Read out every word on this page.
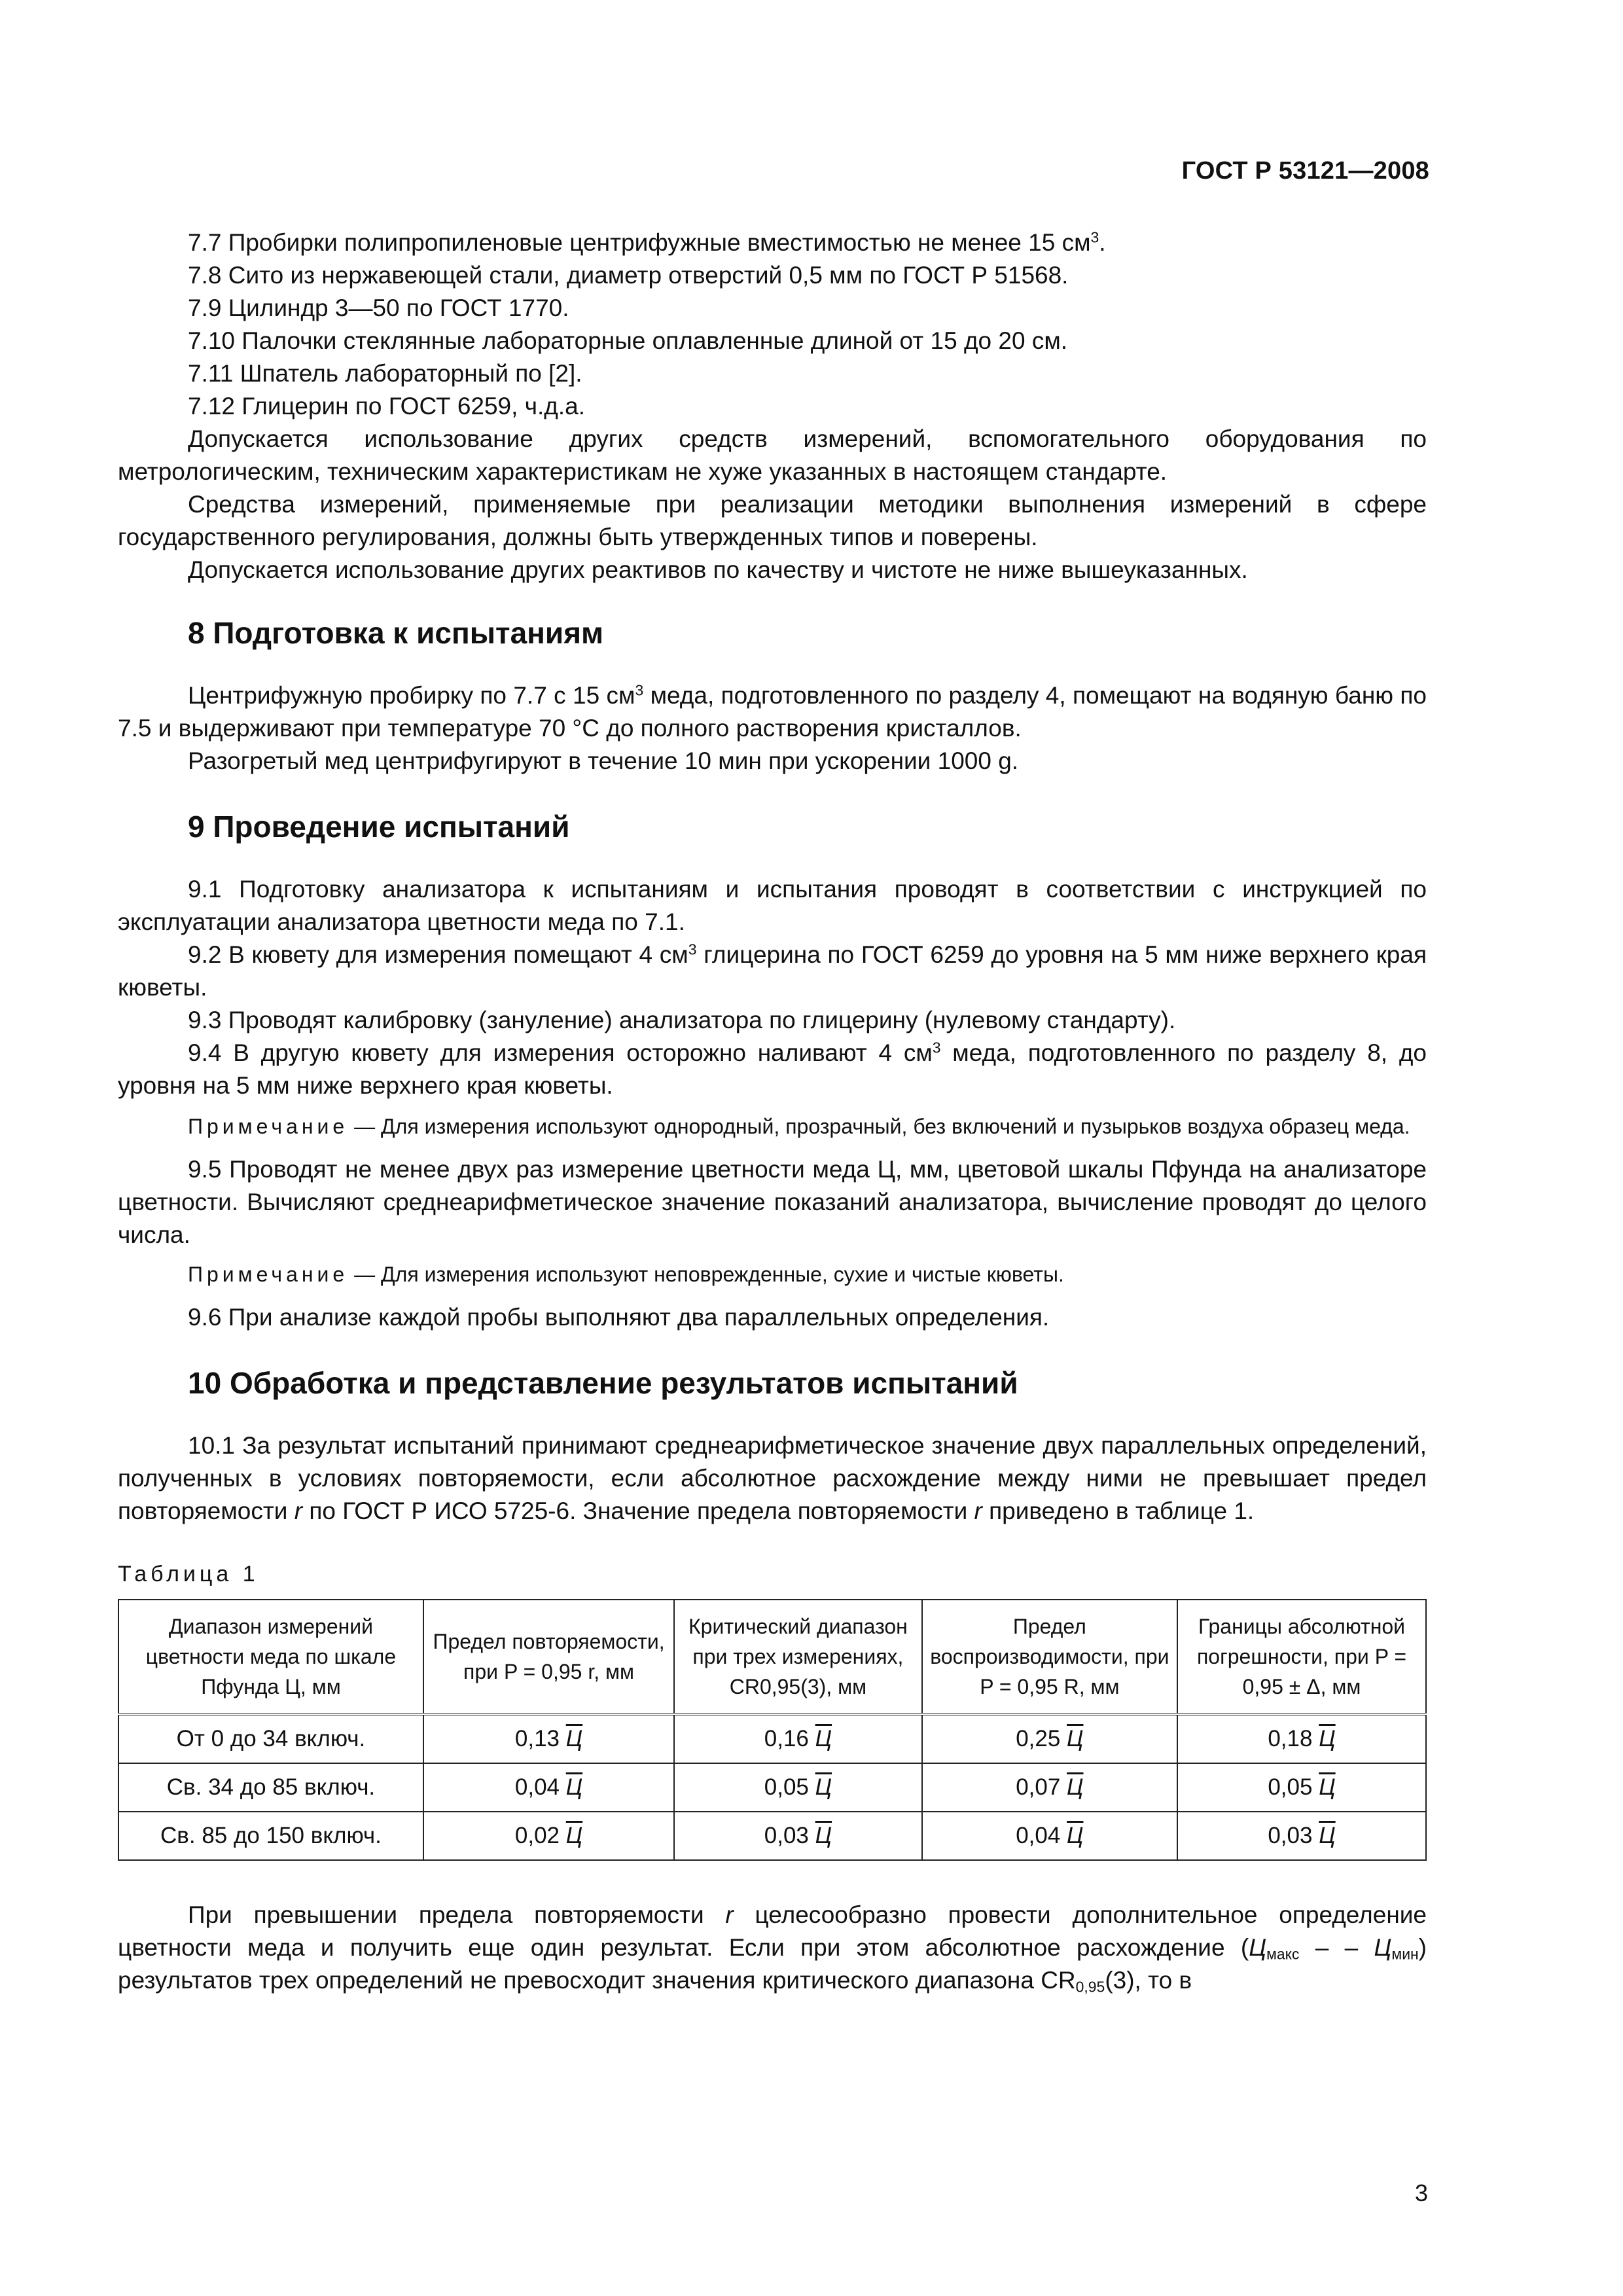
ГОСТ Р 53121—2008

7.7 Пробирки полипропиленовые центрифужные вместимостью не менее 15 $см^3$.

7.8 Сито из нержавеющей стали, диаметр отверстий 0,5 мм по ГОСТ Р 51568.

7.9 Цилиндр 3—50 по ГОСТ 1770.

7.10 Палочки стеклянные лабораторные оплавленные длиной от 15 до 20 см.

7.11 Шпатель лабораторный по [2].

7.12 Глицерин по ГОСТ 6259, ч.д.а.

Допускается использование других средств измерений, вспомогательного оборудования по метрологическим, техническим характеристикам не хуже указанных в настоящем стандарте.

Средства измерений, применяемые при реализации методики выполнения измерений в сфере государственного регулирования, должны быть утвержденных типов и поверены.

Допускается использование других реактивов по качеству и чистоте не ниже вышеуказанных.

8 Подготовка к испытаниям

Центрифужную пробирку по 7.7 с 15 $см^3$ меда, подготовленного по разделу 4, помещают на водяную баню по 7.5 и выдерживают при температуре 70 °С до полного растворения кристаллов.

Разогретый мед центрифугируют в течение 10 мин при ускорении 1000 g.

9 Проведение испытаний

9.1 Подготовку анализатора к испытаниям и испытания проводят в соответствии с инструкцией по эксплуатации анализатора цветности меда по 7.1.

9.2 В кювету для измерения помещают 4 $см^3$ глицерина по ГОСТ 6259 до уровня на 5 мм ниже верхнего края кюветы.

9.3 Проводят калибровку (зануление) анализатора по глицерину (нулевому стандарту).

9.4 В другую кювету для измерения осторожно наливают 4 $см^3$ меда, подготовленного по разделу 8, до уровня на 5 мм ниже верхнего края кюветы.

Примечание — Для измерения используют однородный, прозрачный, без включений и пузырьков воздуха образец меда.

9.5 Проводят не менее двух раз измерение цветности меда Ц, мм, цветовой шкалы Пфунда на анализаторе цветности. Вычисляют среднеарифметическое значение показаний анализатора, вычисление проводят до целого числа.

Примечание — Для измерения используют неповрежденные, сухие и чистые кюветы.

9.6 При анализе каждой пробы выполняют два параллельных определения.

10 Обработка и представление результатов испытаний

10.1 За результат испытаний принимают среднеарифметическое значение двух параллельных определений, полученных в условиях повторяемости, если абсолютное расхождение между ними не превышает предел повторяемости r по ГОСТ Р ИСО 5725-6. Значение предела повторяемости r приведено в таблице 1.

Таблица 1

Диапазон измерений цветности меда по шкале Пфунда Ц, мм	Предел повторяемости, при P = 0,95 r, мм	Критический диапазон при трех измерениях, CR0,95(3), мм	Предел воспроизводимости, при P = 0,95 R, мм	Границы абсолютной погрешности, при P = 0,95 ± Δ, мм
От 0 до 34 включ.	0,13 Ц	0,16 Ц	0,25 Ц	0,18 Ц
Св. 34 до 85 включ.	0,04 Ц	0,05 Ц	0,07 Ц	0,05 Ц
Св. 85 до 150 включ.	0,02 Ц	0,03 Ц	0,04 Ц	0,03 Ц

При превышении предела повторяемости r целесообразно провести дополнительное определение цветности меда и получить еще один результат. Если при этом абсолютное расхождение ($Ц_{макс}$ – – $Ц_{мин}$) результатов трех определений не превосходит значения критического диапазона $CR_{0,95}(3)$, то в

3
